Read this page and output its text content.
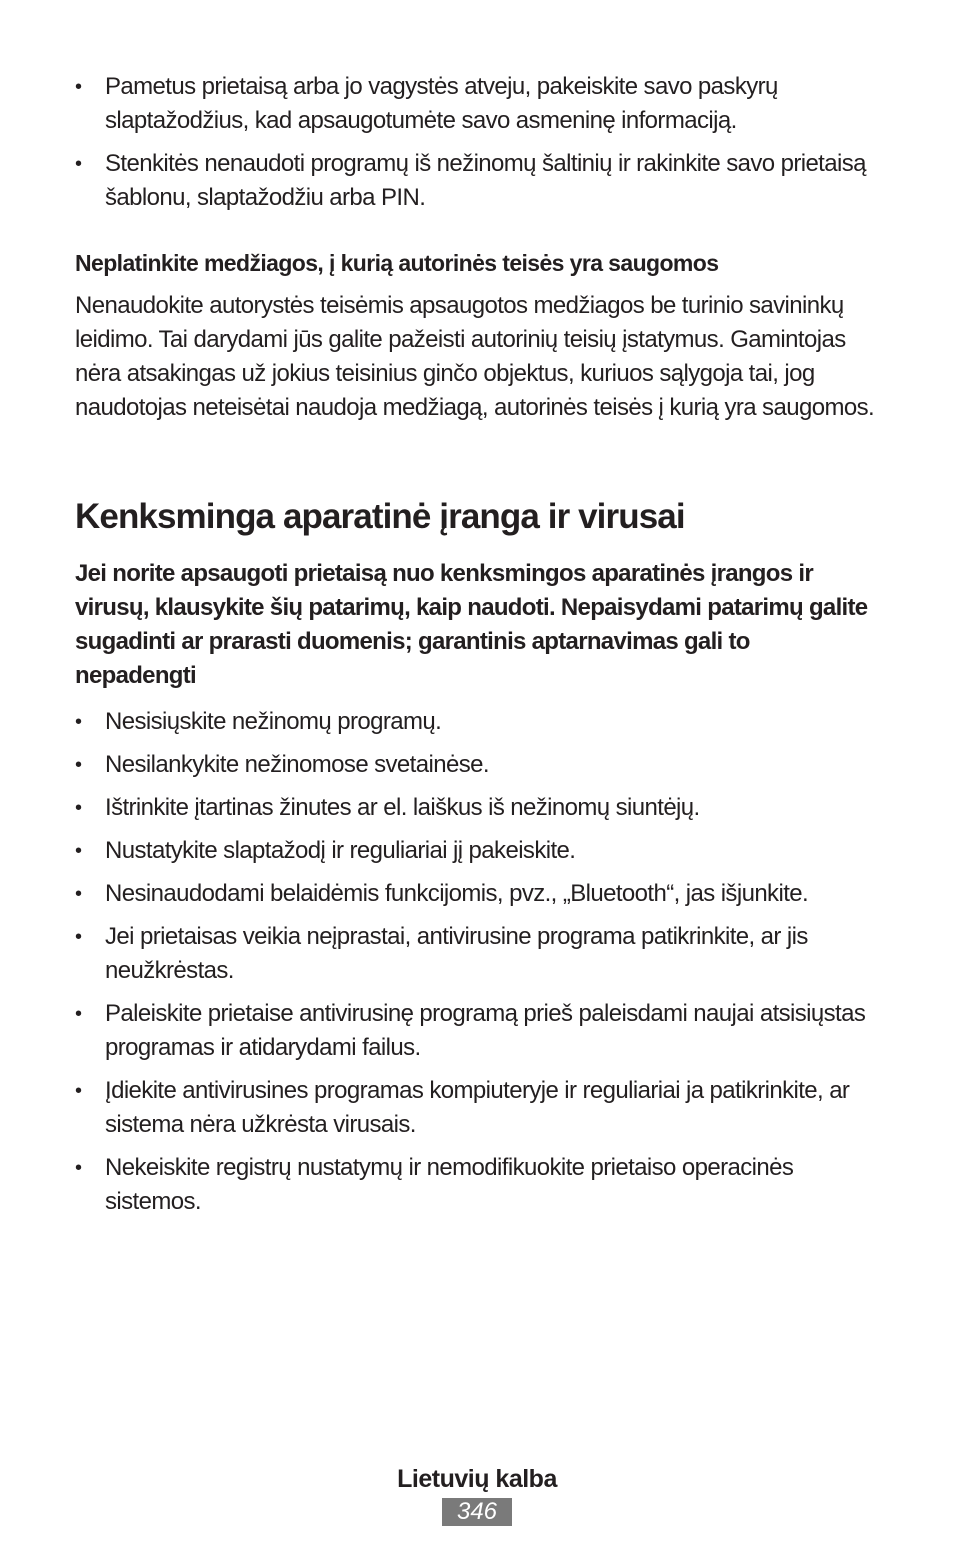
• Pametus prietaisą arba jo vagystės atveju, pakeiskite savo paskyrų slaptažodžius, kad apsaugotumėte savo asmeninę informaciją.
• Stenkitės nenaudoti programų iš nežinomų šaltinių ir rakinkite savo prietaisą šablonu, slaptažodžiu arba PIN.
Neplatinkite medžiagos, į kurią autorinės teisės yra saugomos

Nenaudokite autorystės teisėmis apsaugotos medžiagos be turinio savininkų leidimo. Tai darydami jūs galite pažeisti autorinių teisių įstatymus. Gamintojas nėra atsakingas už jokius teisinius ginčo objektus, kuriuos sąlygoja tai, jog naudotojas neteisėtai naudoja medžiagą, autorinės teisės į kurią yra saugomos.

Kenksminga aparatinė įranga ir virusai

Jei norite apsaugoti prietaisą nuo kenksmingos aparatinės įrangos ir virusų, klausykite šių patarimų, kaip naudoti. Nepaisydami patarimų galite sugadinti ar prarasti duomenis; garantinis aptarnavimas gali to nepadengti

• Nesisiųskite nežinomų programų.
• Nesilankykite nežinomose svetainėse.
• Ištrinkite įtartinas žinutes ar el. laiškus iš nežinomų siuntėjų.
• Nustatykite slaptažodį ir reguliariai jį pakeiskite.
• Nesinaudodami belaidėmis funkcijomis, pvz., „Bluetooth“, jas išjunkite.
• Jei prietaisas veikia neįprastai, antivirusine programa patikrinkite, ar jis neužkrėstas.
• Paleiskite prietaise antivirusinę programą prieš paleisdami naujai atsisiųstas programas ir atidarydami failus.
• Įdiekite antivirusines programas kompiuteryje ir reguliariai ja patikrinkite, ar sistema nėra užkrėsta virusais.
• Nekeiskite registrų nustatymų ir nemodifikuokite prietaiso operacinės sistemos.
Lietuvių kalba
346
